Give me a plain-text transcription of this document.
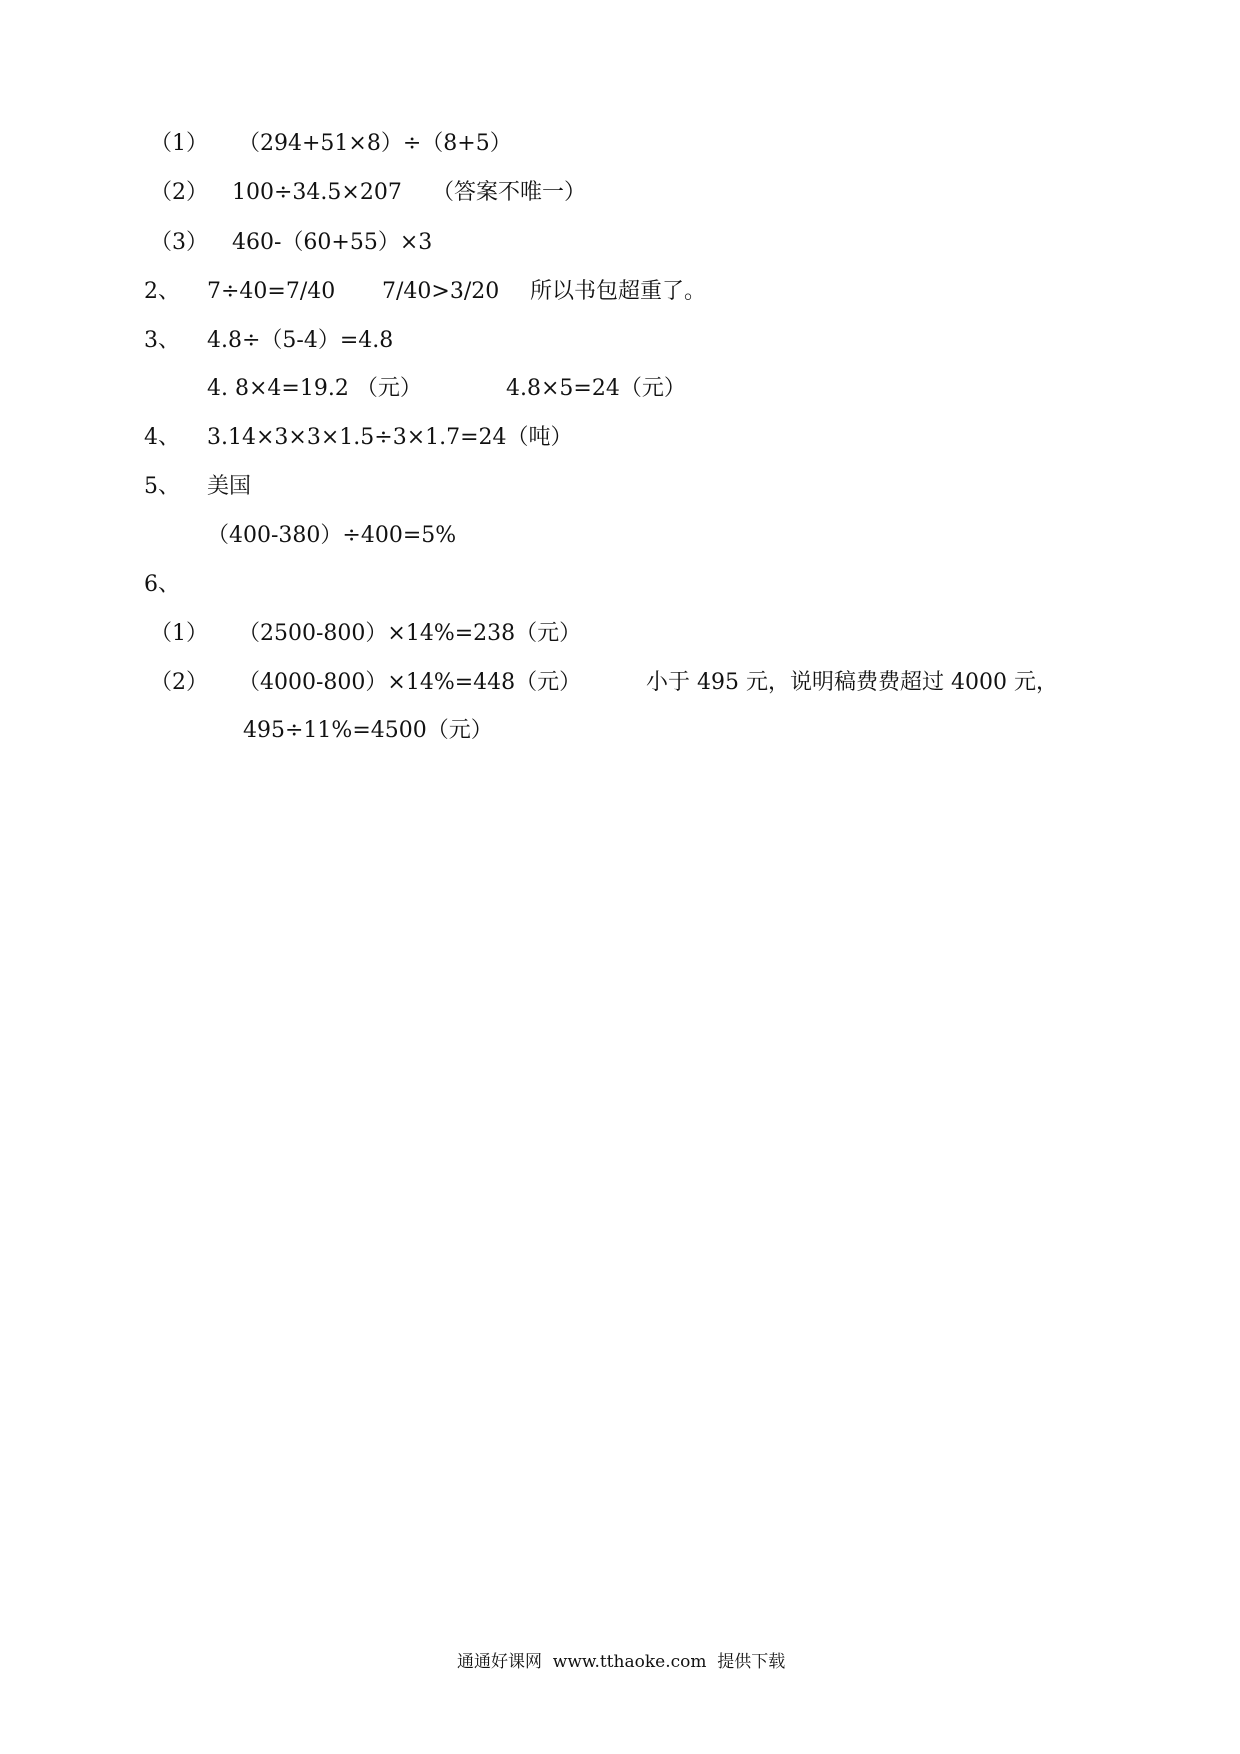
（1） （294+51×8）÷（8+5）
（2） 100÷34.5×207 （答案不唯一）
（3） 460-（60+55）×3
2、 7÷40=7/40 7/40>3/20 所以书包超重了。
3、 4.8÷（5-4）=4.8
4. 8×4=19.2 （元）	4.8×5=24（元）
4、 3.14×3×3×1.5÷3×1.7=24（吨）
5、 美国
（400-380）÷400=5%
6、
（1） （2500-800）×14%=238（元）
（2） （4000-800）×14%=448（元）	小于 495 元，说明稿费费超过 4000 元，
495÷11%=4500（元）
通通好课网  www.tthaoke.com  提供下载
